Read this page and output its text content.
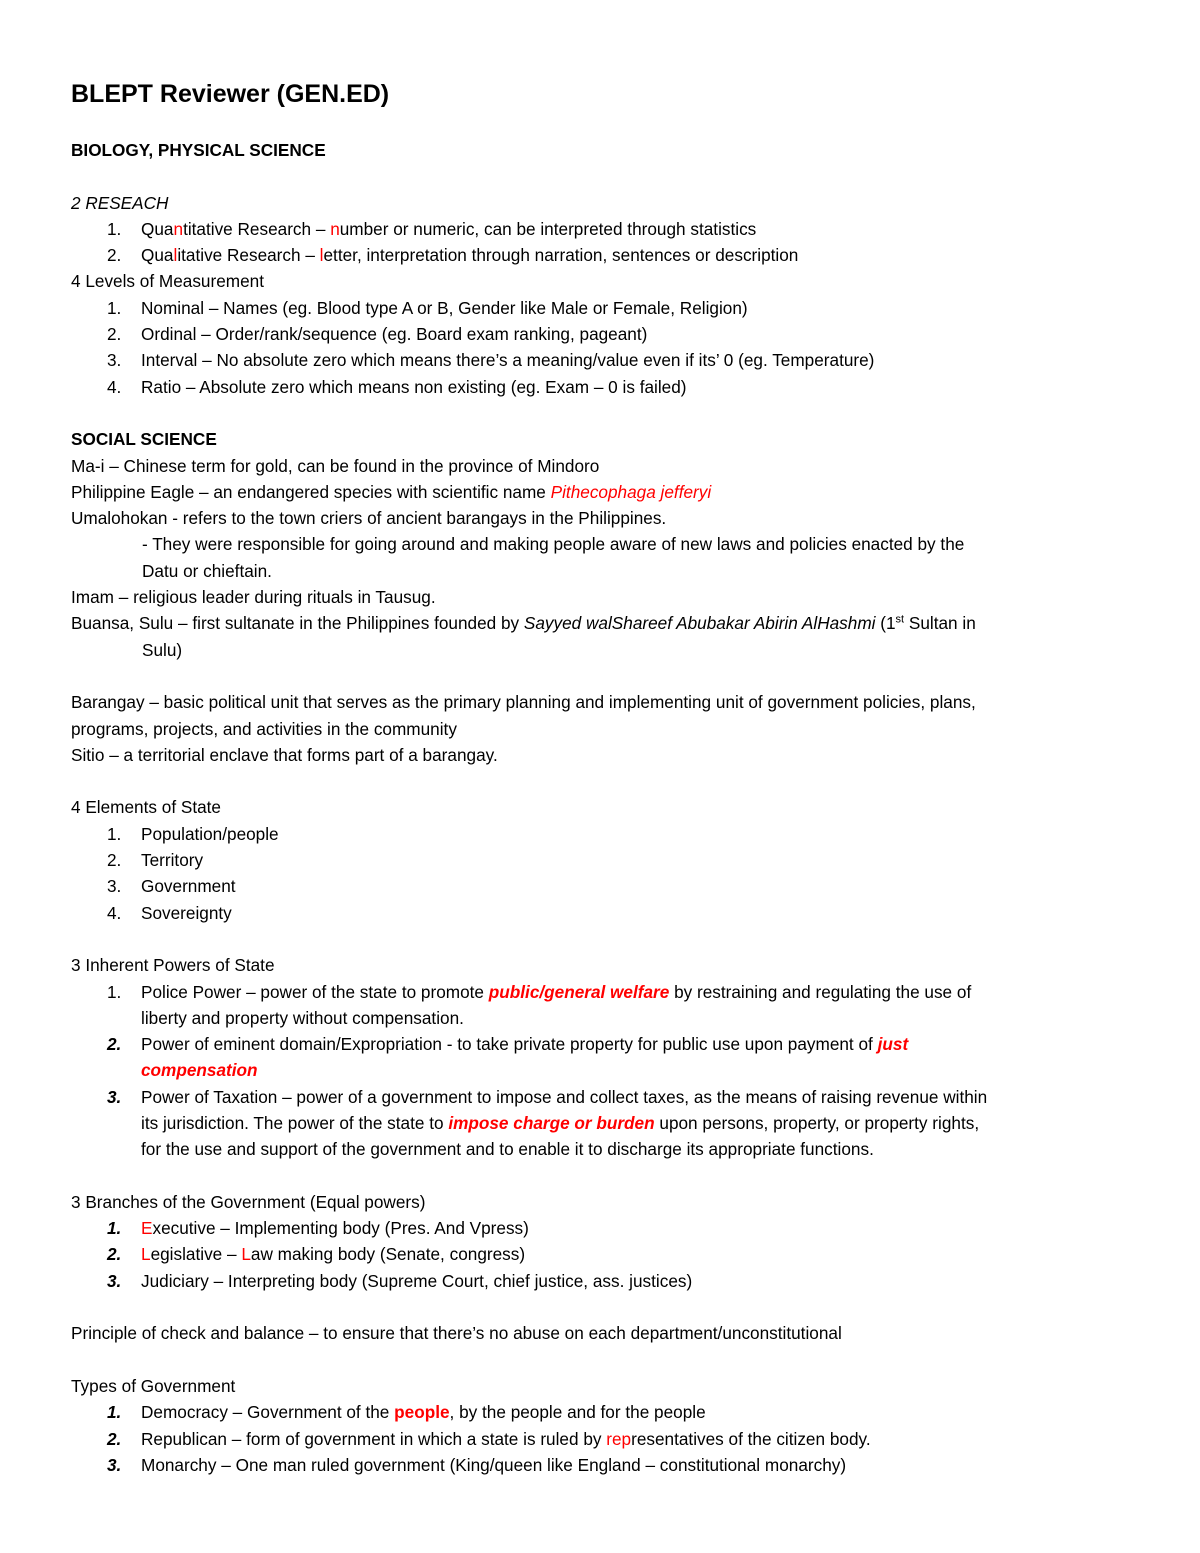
BLEPT Reviewer (GEN.ED)

BIOLOGY, PHYSICAL SCIENCE

2 RESEACH

1.	Quantitative Research – number or numeric, can be interpreted through statistics
2.	Qualitative Research – letter, interpretation through narration, sentences or description

4 Levels of Measurement

1.	Nominal – Names (eg. Blood type A or B, Gender like Male or Female, Religion)
2.	Ordinal – Order/rank/sequence (eg. Board exam ranking, pageant)
3.	Interval – No absolute zero which means there’s a meaning/value even if its’ 0 (eg. Temperature)
4.	Ratio – Absolute zero which means non existing (eg. Exam – 0 is failed)

SOCIAL SCIENCE

Ma-i – Chinese term for gold, can be found in the province of Mindoro

Philippine Eagle – an endangered species with scientific name Pithecophaga jefferyi

Umalohokan - refers to the town criers of ancient barangays in the Philippines.

- They were responsible for going around and making people aware of new laws and policies enacted by the

Datu or chieftain.

Imam – religious leader during rituals in Tausug.

Buansa, Sulu – first sultanate in the Philippines founded by Sayyed walShareef Abubakar Abirin AlHashmi (1st Sultan in

Sulu)

Barangay – basic political unit that serves as the primary planning and implementing unit of government policies, plans,

programs, projects, and activities in the community

Sitio – a territorial enclave that forms part of a barangay.

4 Elements of State

1.	Population/people
2.	Territory
3.	Government
4.	Sovereignty

3 Inherent Powers of State

1.	Police Power – power of the state to promote public/general welfare by restraining and regulating the use of
liberty and property without compensation.
2.	Power of eminent domain/Expropriation - to take private property for public use upon payment of just
compensation
3.	Power of Taxation – power of a government to impose and collect taxes, as the means of raising revenue within
its jurisdiction. The power of the state to impose charge or burden upon persons, property, or property rights,
for the use and support of the government and to enable it to discharge its appropriate functions.

3 Branches of the Government (Equal powers)

1.	Executive – Implementing body (Pres. And Vpress)
2.	Legislative – Law making body (Senate, congress)
3.	Judiciary – Interpreting body (Supreme Court, chief justice, ass. justices)

Principle of check and balance – to ensure that there’s no abuse on each department/unconstitutional

Types of Government

1.	Democracy – Government of the people, by the people and for the people
2.	Republican – form of government in which a state is ruled by representatives of the citizen body.
3.	Monarchy – One man ruled government (King/queen like England – constitutional monarchy)
